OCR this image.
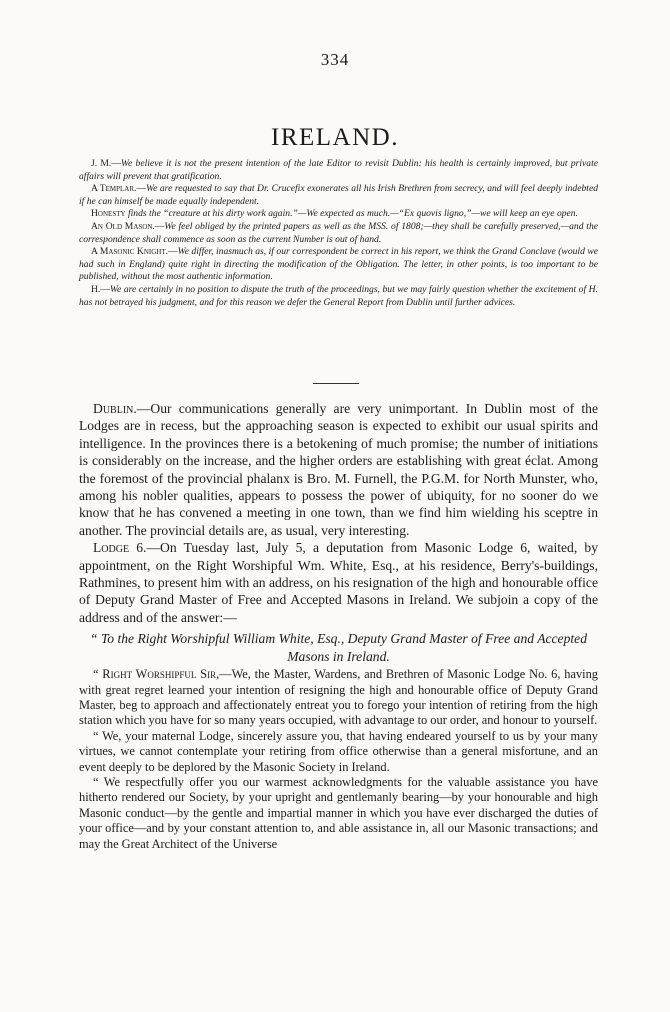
334
IRELAND.

J. M.—We believe it is not the present intention of the late Editor to revisit Dublin: his health is certainly improved, but private affairs will prevent that gratification.

A Templar.—We are requested to say that Dr. Crucefix exonerates all his Irish Brethren from secrecy, and will feel deeply indebted if he can himself be made equally independent.

Honesty finds the “creature at his dirty work again.”—We expected as much.—“Ex quovis ligno,”—we will keep an eye open.

An Old Mason.—We feel obliged by the printed papers as well as the MSS. of 1808;—they shall be carefully preserved,—and the correspondence shall commence as soon as the current Number is out of hand.

A Masonic Knight.—We differ, inasmuch as, if our correspondent be correct in his report, we think the Grand Conclave (would we had such in England) quite right in directing the modification of the Obligation. The letter, in other points, is too important to be published, without the most authentic information.

H.—We are certainly in no position to dispute the truth of the proceedings, but we may fairly question whether the excitement of H. has not betrayed his judgment, and for this reason we defer the General Report from Dublin until further advices.

Dublin.—Our communications generally are very unimportant. In Dublin most of the Lodges are in recess, but the approaching season is expected to exhibit our usual spirits and intelligence. In the provinces there is a betokening of much promise; the number of initiations is considerably on the increase, and the higher orders are establishing with great éclat. Among the foremost of the provincial phalanx is Bro. M. Furnell, the P.G.M. for North Munster, who, among his nobler qualities, appears to possess the power of ubiquity, for no sooner do we know that he has convened a meeting in one town, than we find him wielding his sceptre in another. The provincial details are, as usual, very interesting.

Lodge 6.—On Tuesday last, July 5, a deputation from Masonic Lodge 6, waited, by appointment, on the Right Worshipful Wm. White, Esq., at his residence, Berry's-buildings, Rathmines, to present him with an address, on his resignation of the high and honourable office of Deputy Grand Master of Free and Accepted Masons in Ireland. We subjoin a copy of the address and of the answer:—

“ To the Right Worshipful William White, Esq., Deputy Grand Master of Free and Accepted Masons in Ireland.

“ Right Worshipful Sir,—We, the Master, Wardens, and Brethren of Masonic Lodge No. 6, having with great regret learned your intention of resigning the high and honourable office of Deputy Grand Master, beg to approach and affectionately entreat you to forego your intention of retiring from the high station which you have for so many years occupied, with advantage to our order, and honour to yourself.

“ We, your maternal Lodge, sincerely assure you, that having endeared yourself to us by your many virtues, we cannot contemplate your retiring from office otherwise than a general misfortune, and an event deeply to be deplored by the Masonic Society in Ireland.

“ We respectfully offer you our warmest acknowledgments for the valuable assistance you have hitherto rendered our Society, by your upright and gentlemanly bearing—by your honourable and high Masonic conduct—by the gentle and impartial manner in which you have ever discharged the duties of your office—and by your constant attention to, and able assistance in, all our Masonic transactions; and may the Great Architect of the Universe
